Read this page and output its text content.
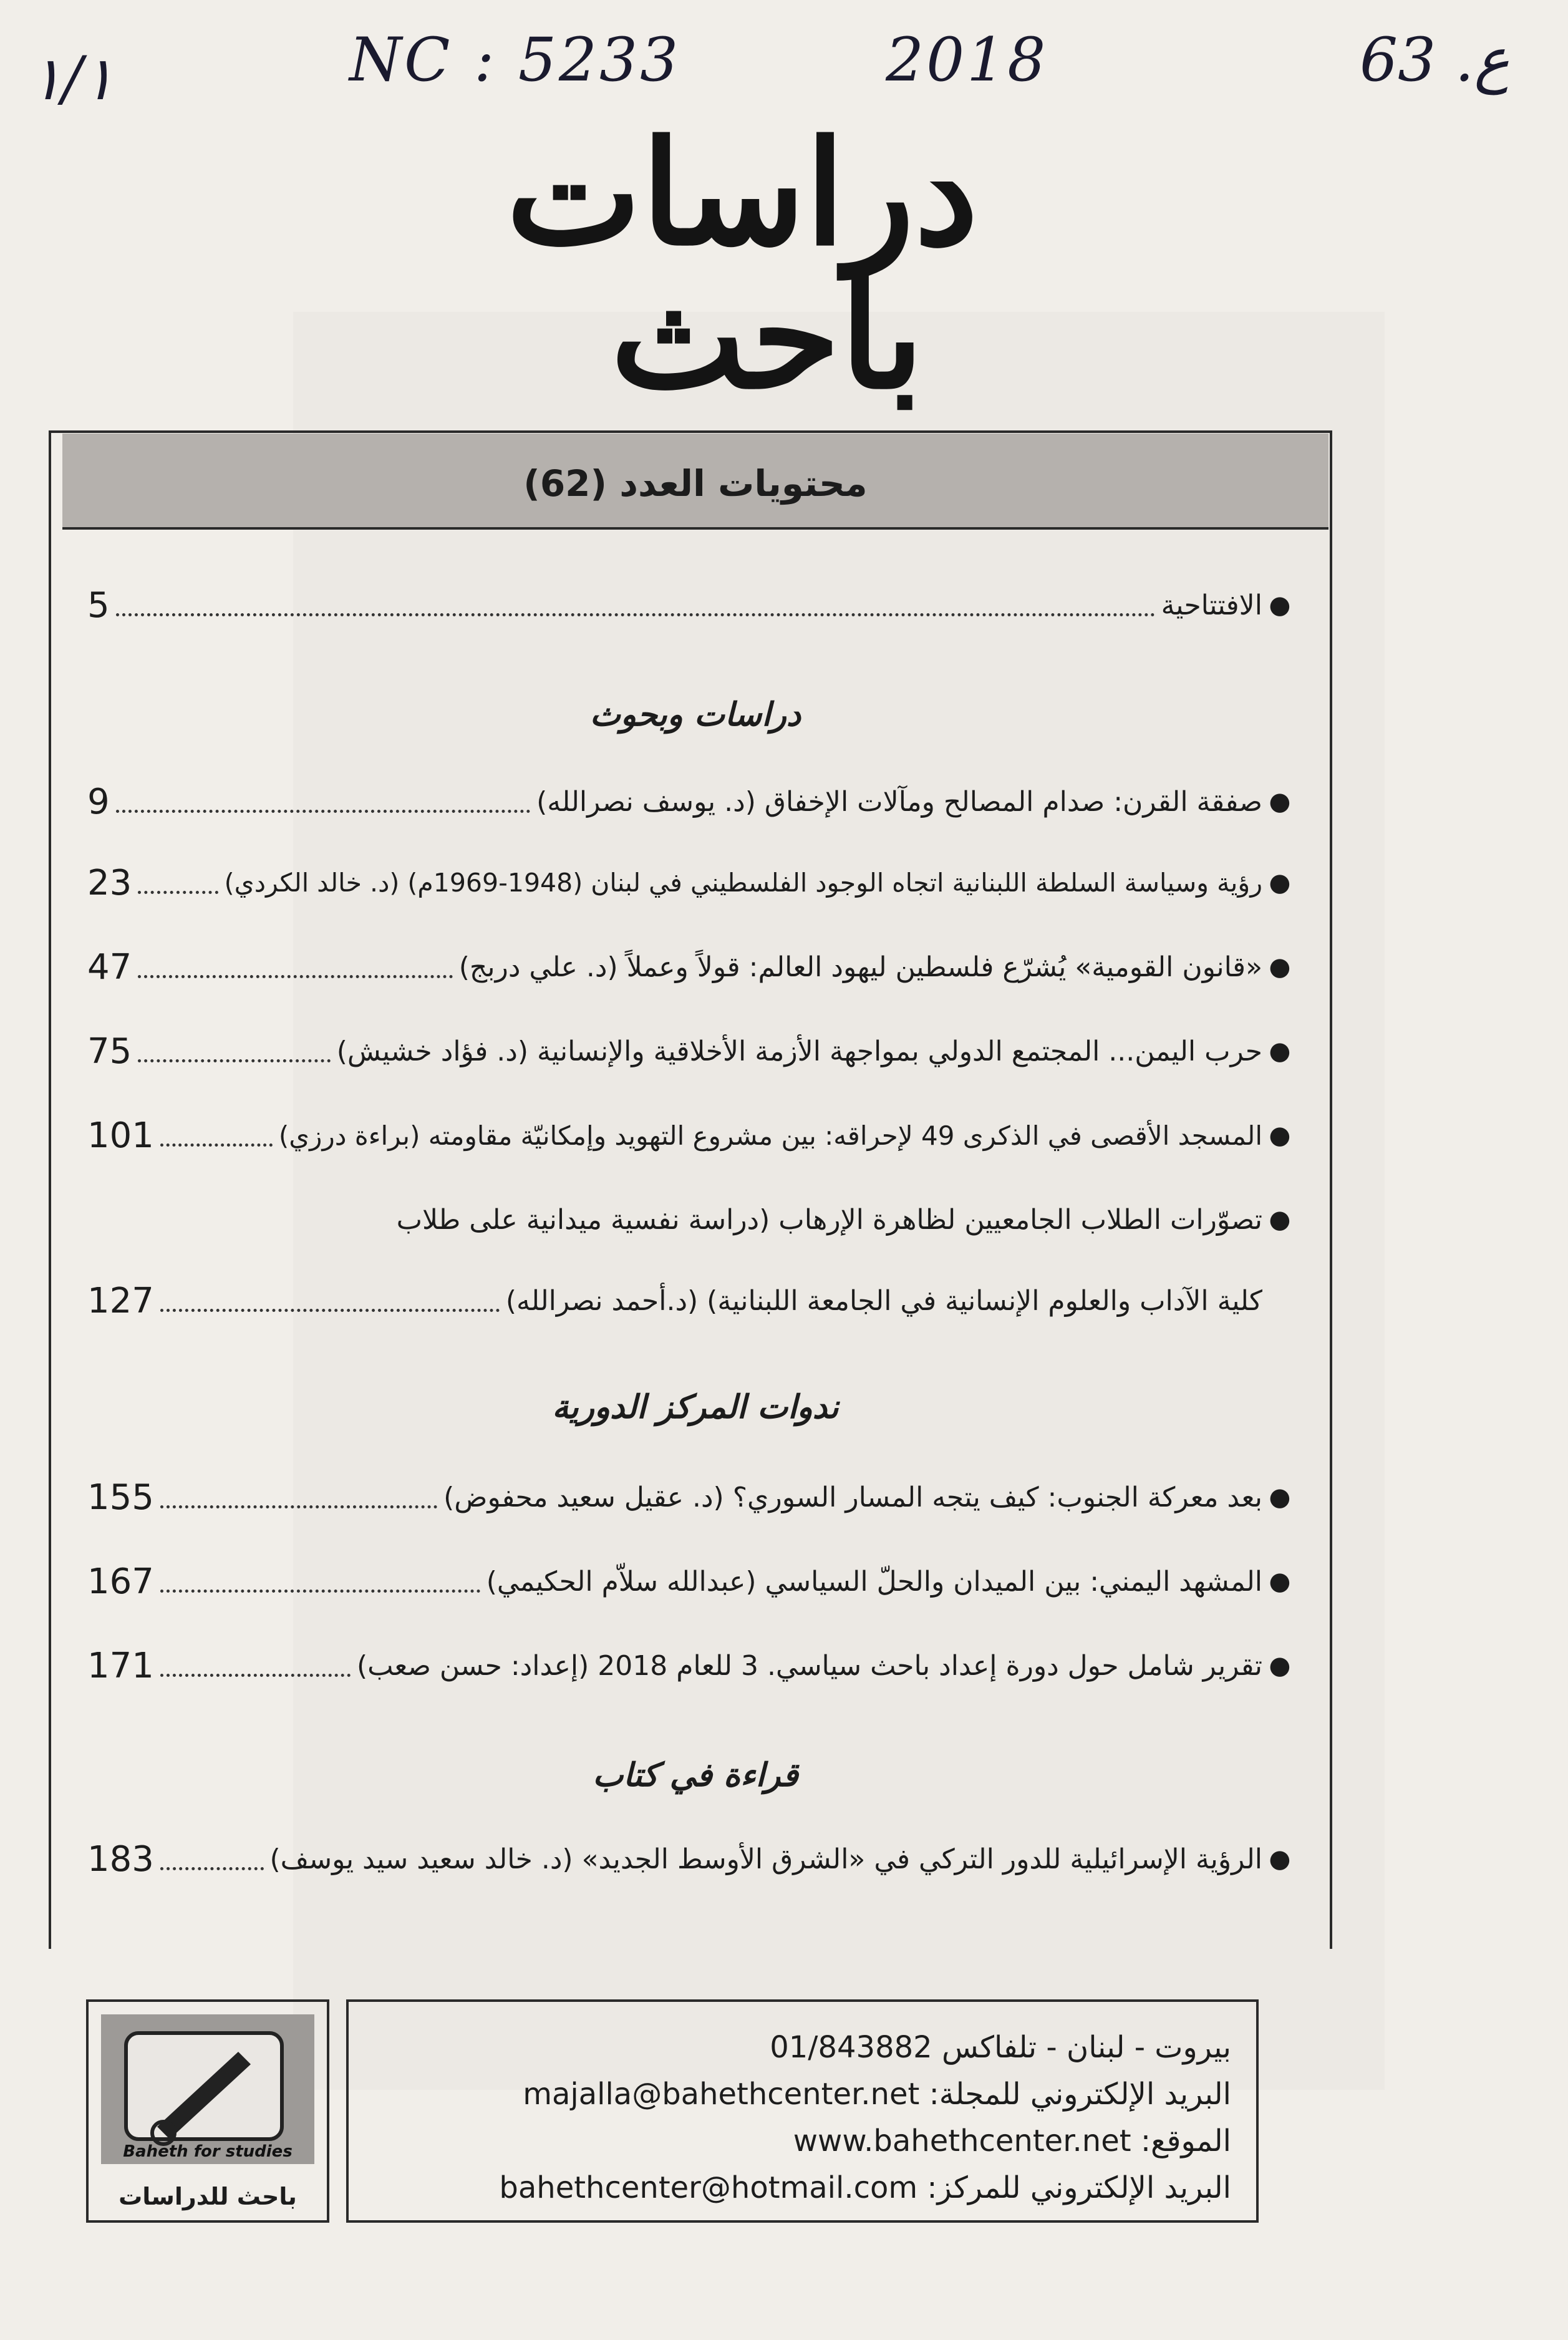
١/١	NC : 5233	2018	63 .ع
دراسات
باحث
محتويات العدد (62)
●
الافتتاحية
5
دراسات وبحوث
●
صفقة القرن: صدام المصالح ومآلات الإخفاق (د. يوسف نصرالله)
9
●
رؤية وسياسة السلطة اللبنانية اتجاه الوجود الفلسطيني في لبنان (1948-1969م) (د. خالد الكردي)
23
●
«قانون القومية» يُشرّع فلسطين ليهود العالم: قولاً وعملاً (د. علي دربج)
47
●
حرب اليمن... المجتمع الدولي بمواجهة الأزمة الأخلاقية والإنسانية (د. فؤاد خشيش)
75
●
المسجد الأقصى في الذكرى 49 لإحراقه: بين مشروع التهويد وإمكانيّة مقاومته (براءة درزي)
101
●
تصوّرات الطلاب الجامعيين لظاهرة الإرهاب (دراسة نفسية ميدانية على طلاب
كلية الآداب والعلوم الإنسانية في الجامعة اللبنانية) (د.أحمد نصرالله)
127
ندوات المركز الدورية
●
بعد معركة الجنوب: كيف يتجه المسار السوري؟ (د. عقيل سعيد محفوض)
155
●
المشهد اليمني: بين الميدان والحلّ السياسي (عبدالله سلاّم الحكيمي)
167
●
تقرير شامل حول دورة إعداد باحث سياسي. 3 للعام 2018 (إعداد: حسن صعب)
171
قراءة في كتاب
●
الرؤية الإسرائيلية للدور التركي في «الشرق الأوسط الجديد» (د. خالد سعيد سيد يوسف)
183
بيروت - لبنان - تلفاكس 01/843882
البريد الإلكتروني للمجلة: majalla@bahethcenter.net
الموقع: www.bahethcenter.net
البريد الإلكتروني للمركز: bahethcenter@hotmail.com
Baheth for studies
باحث للدراسات
